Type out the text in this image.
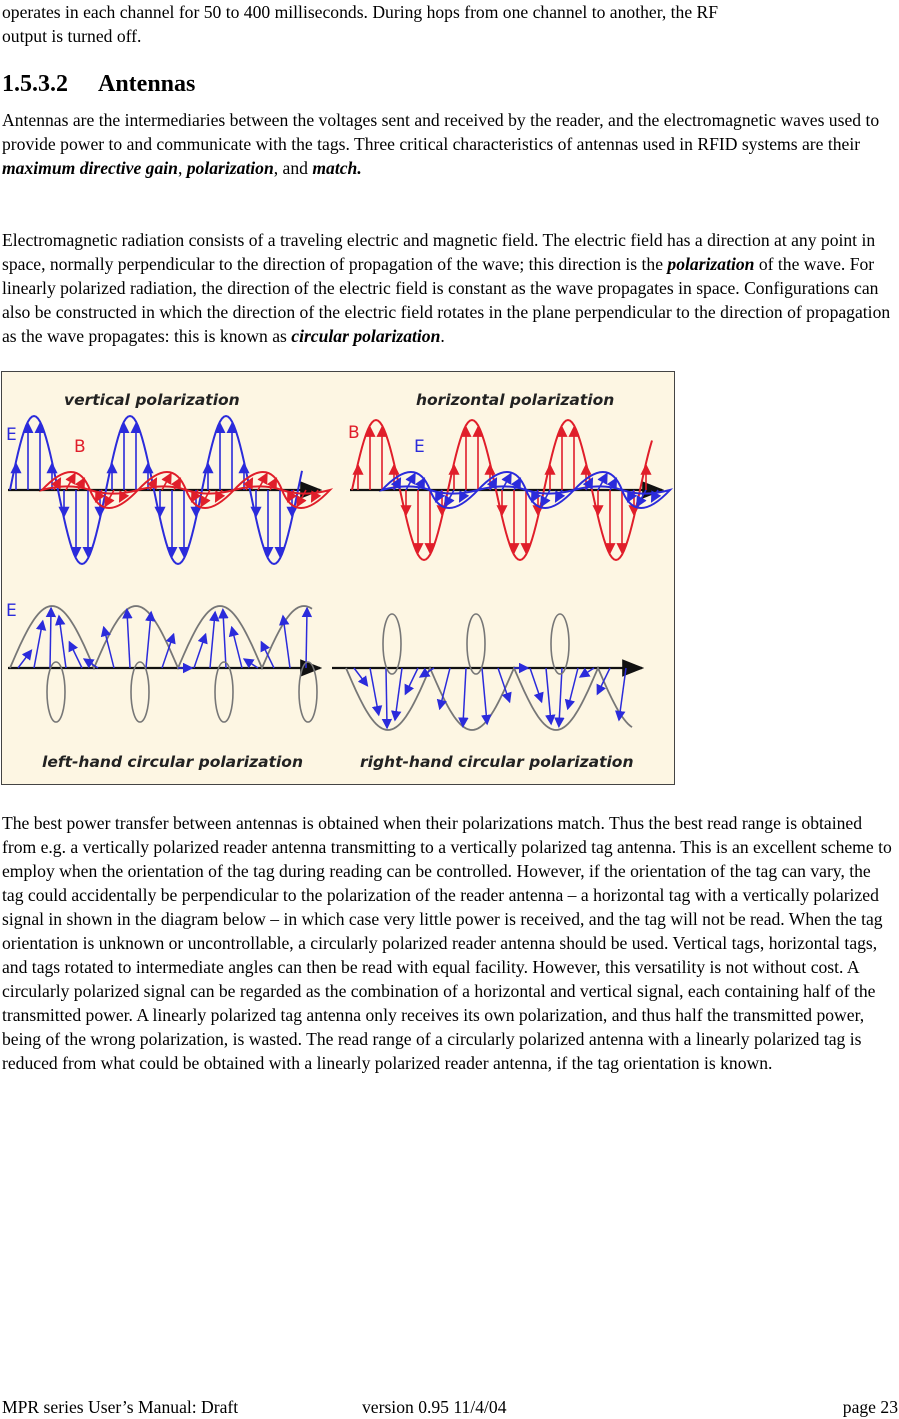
operates in each channel for 50 to 400 milliseconds. During hops from one channel to another, the RF
output is turned off.

1.5.3.2 Antennas

Antennas are the intermediaries between the voltages sent and received by the reader, and the electromagnetic waves used to provide power to and communicate with the tags. Three critical characteristics of antennas used in RFID systems are their maximum directive gain, polarization, and match.

Electromagnetic radiation consists of a traveling electric and magnetic field. The electric field has a direction at any point in space, normally perpendicular to the direction of propagation of the wave; this direction is the polarization of the wave. For linearly polarized radiation, the direction of the electric field is constant as the wave propagates in space. Configurations can also be constructed in which the direction of the electric field rotates in the plane perpendicular to the direction of propagation as the wave propagates: this is known as circular polarization.

vertical polarization	horizontal polarization
left-hand circular polarization	right-hand circular polarization
E
B
B
E
E

The best power transfer between antennas is obtained when their polarizations match. Thus the best read range is obtained from e.g. a vertically polarized reader antenna transmitting to a vertically polarized tag antenna. This is an excellent scheme to employ when the orientation of the tag during reading can be controlled. However, if the orientation of the tag can vary, the tag could accidentally be perpendicular to the polarization of the reader antenna – a horizontal tag with a vertically polarized signal in shown in the diagram below – in which case very little power is received, and the tag will not be read. When the tag orientation is unknown or uncontrollable, a circularly polarized reader antenna should be used. Vertical tags, horizontal tags, and tags rotated to intermediate angles can then be read with equal facility. However, this versatility is not without cost. A circularly polarized signal can be regarded as the combination of a horizontal and vertical signal, each containing half of the transmitted power. A linearly polarized tag antenna only receives its own polarization, and thus half the transmitted power, being of the wrong polarization, is wasted. The read range of a circularly polarized antenna with a linearly polarized tag is reduced from what could be obtained with a linearly polarized reader antenna, if the tag orientation is known.

MPR series User’s Manual: Draft	version 0.95 11/4/04	page 23
